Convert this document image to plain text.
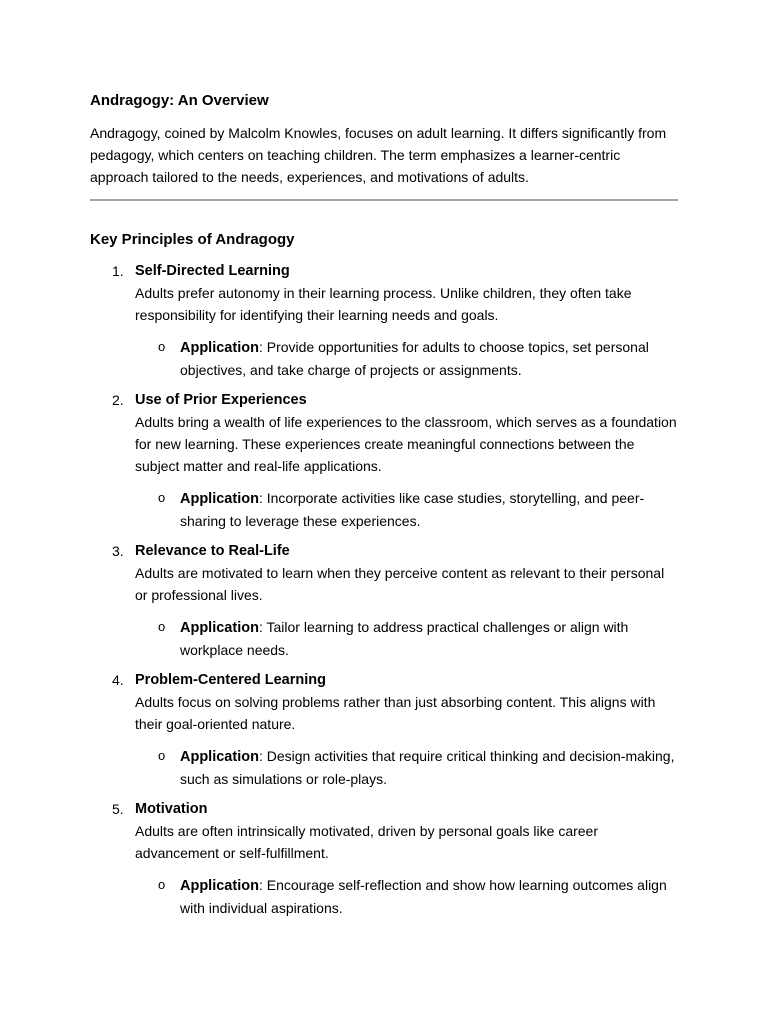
Andragogy: An Overview

Andragogy, coined by Malcolm Knowles, focuses on adult learning. It differs significantly from pedagogy, which centers on teaching children. The term emphasizes a learner-centric approach tailored to the needs, experiences, and motivations of adults.

Key Principles of Andragogy
1. Self-Directed Learning

Adults prefer autonomy in their learning process. Unlike children, they often take responsibility for identifying their learning needs and goals.

o Application: Provide opportunities for adults to choose topics, set personal objectives, and take charge of projects or assignments.
2. Use of Prior Experiences

Adults bring a wealth of life experiences to the classroom, which serves as a foundation for new learning. These experiences create meaningful connections between the subject matter and real-life applications.

o Application: Incorporate activities like case studies, storytelling, and peer-sharing to leverage these experiences.
3. Relevance to Real-Life

Adults are motivated to learn when they perceive content as relevant to their personal or professional lives.

o Application: Tailor learning to address practical challenges or align with workplace needs.
4. Problem-Centered Learning

Adults focus on solving problems rather than just absorbing content. This aligns with their goal-oriented nature.

o Application: Design activities that require critical thinking and decision-making, such as simulations or role-plays.
5. Motivation

Adults are often intrinsically motivated, driven by personal goals like career advancement or self-fulfillment.

o Application: Encourage self-reflection and show how learning outcomes align with individual aspirations.
